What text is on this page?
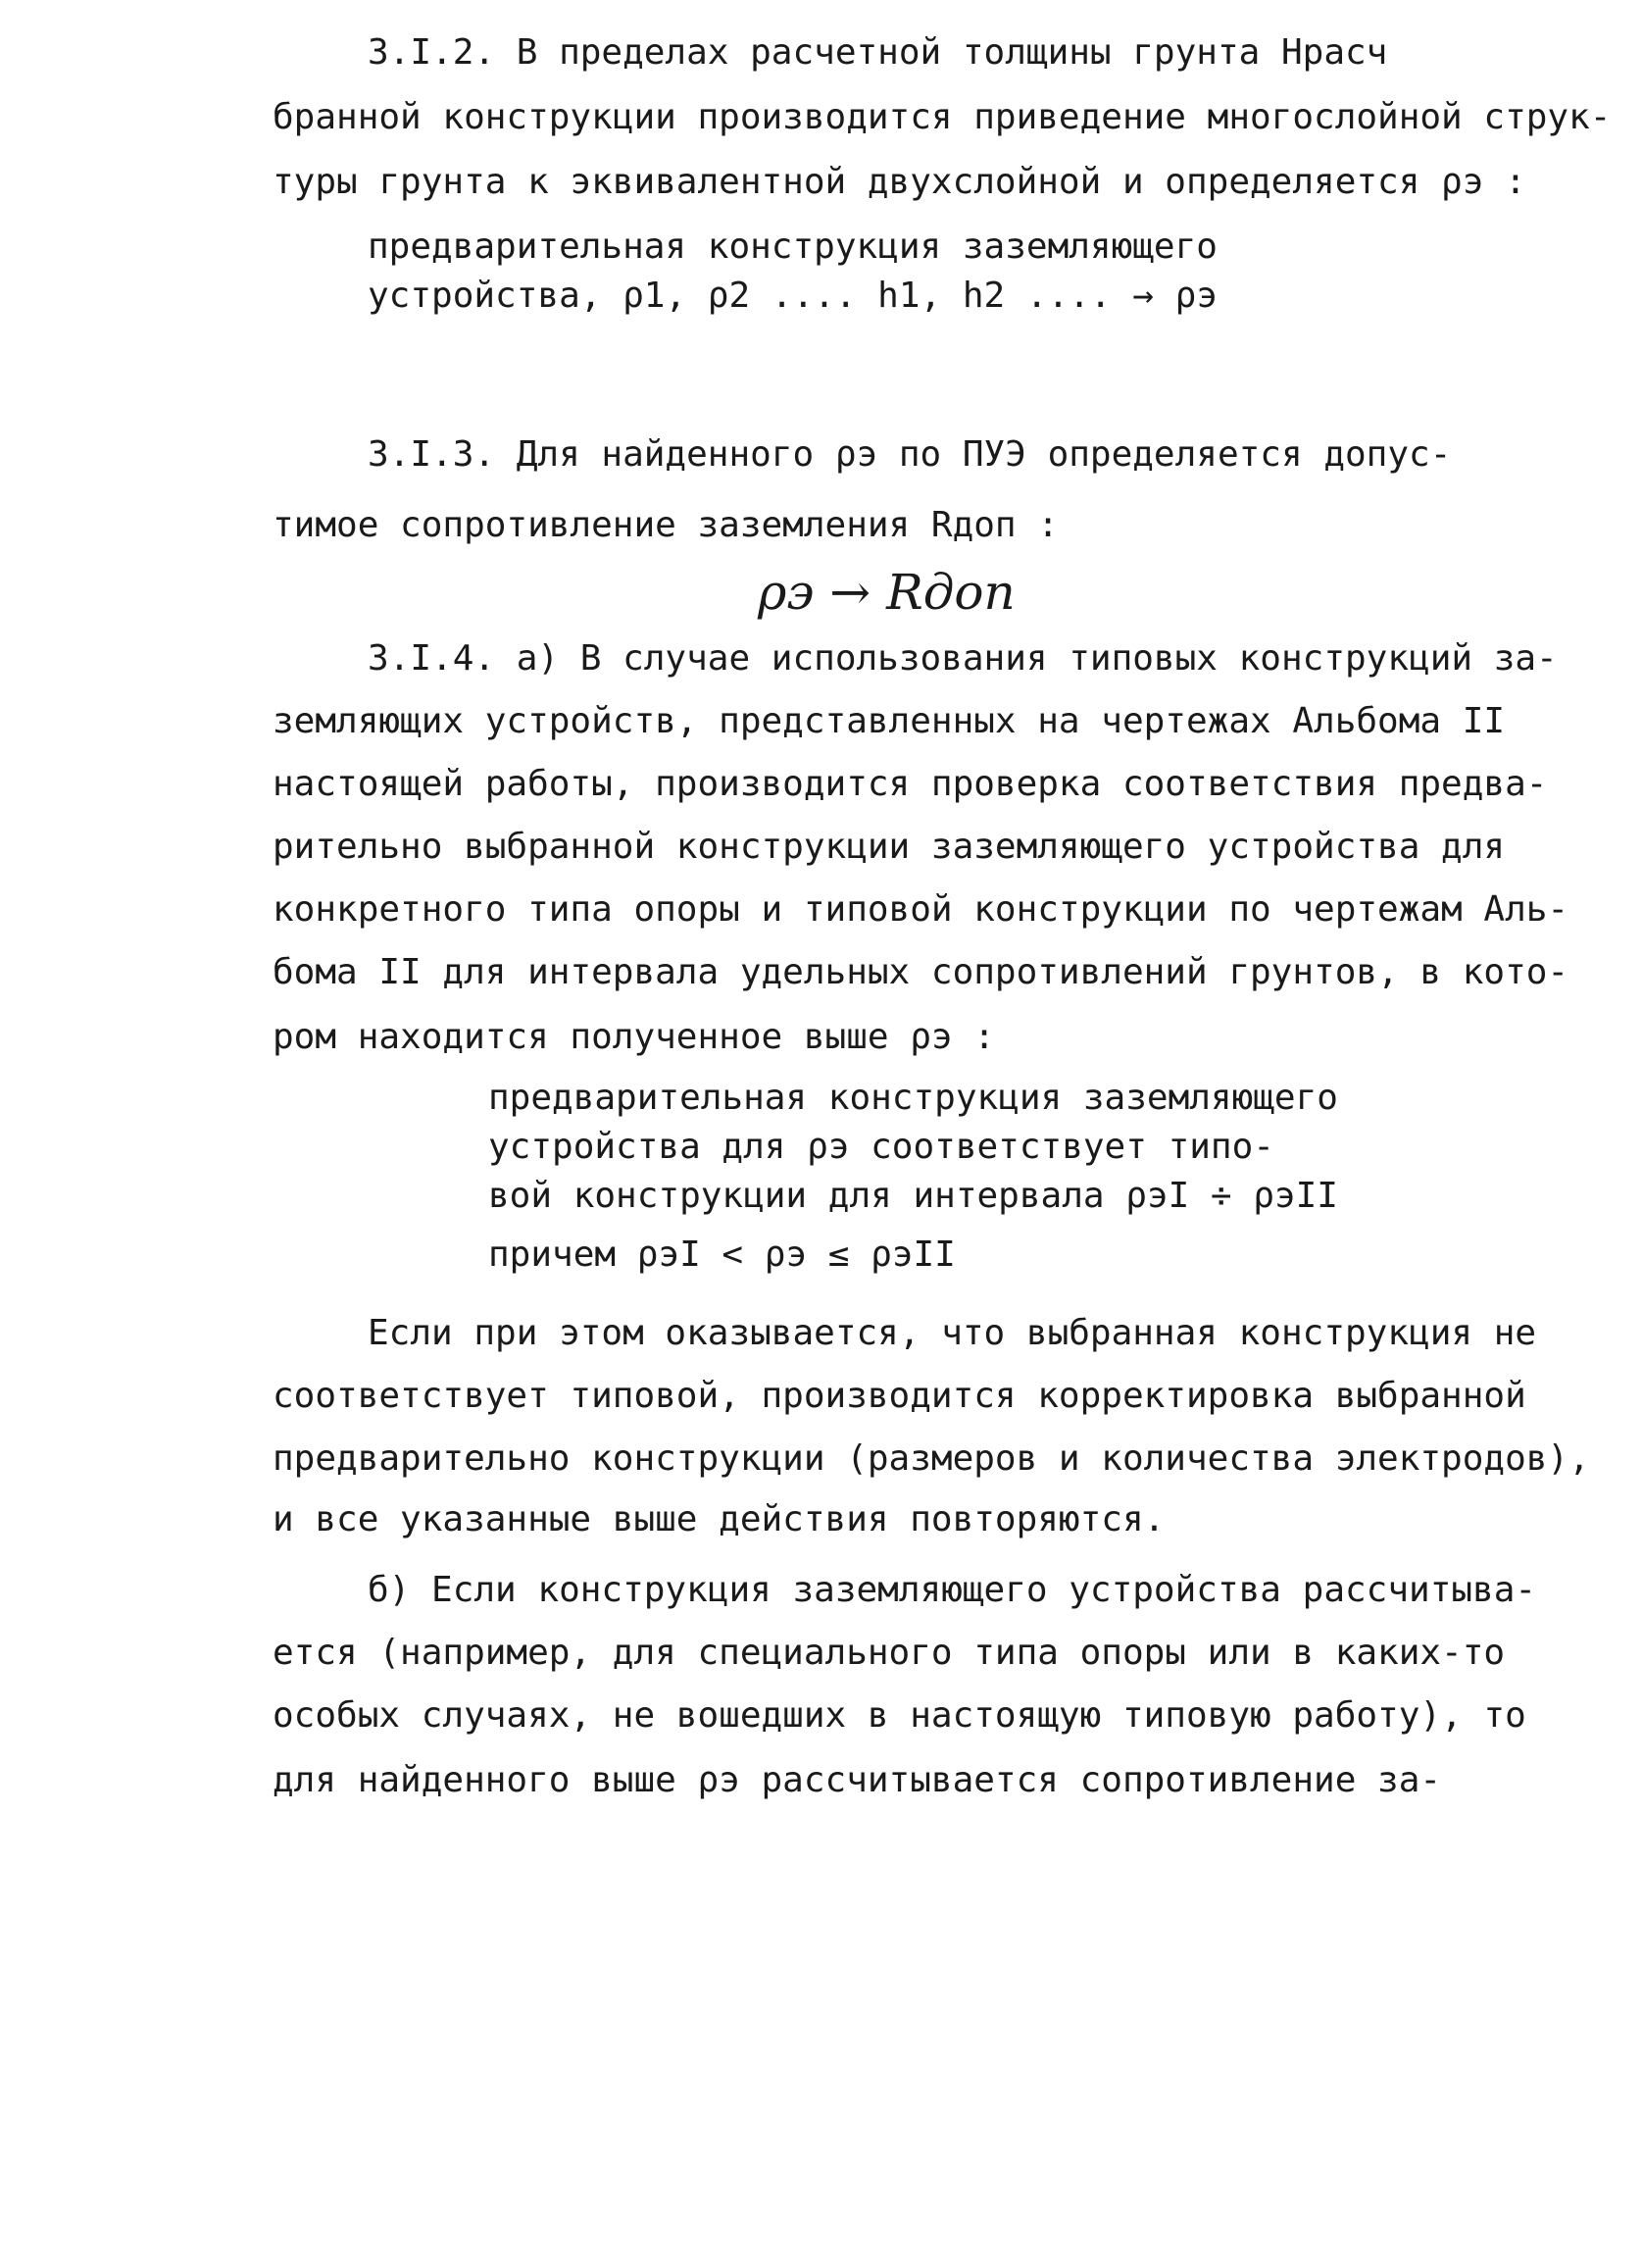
3.I.2. В пределах расчетной толщины грунта Hрасч
бранной конструкции производится приведение многослойной струк-
туры грунта к эквивалентной двухслойной и определяется ρэ :
предварительная конструкция заземляющего
устройства, ρ1, ρ2 .... h1, h2 .... → ρэ
3.I.3. Для найденного ρэ по ПУЭ определяется допус-
тимое сопротивление заземления Rдоп :
ρэ → Rдоп
3.I.4. а) В случае использования типовых конструкций за-
земляющих устройств, представленных на чертежах Альбома II
настоящей работы, производится проверка соответствия предва-
рительно выбранной конструкции заземляющего устройства для
конкретного типа опоры и типовой конструкции по чертежам Аль-
бома II для интервала удельных сопротивлений грунтов, в кото-
ром находится полученное выше ρэ :
предварительная конструкция заземляющего
устройства для ρэ соответствует типо-
вой конструкции для интервала ρэI ÷ ρэII
причем ρэI < ρэ ≤ ρэII
Если при этом оказывается, что выбранная конструкция не
соответствует типовой, производится корректировка выбранной
предварительно конструкции (размеров и количества электродов),
и все указанные выше действия повторяются.
б) Если конструкция заземляющего устройства рассчитыва-
ется (например, для специального типа опоры или в каких-то
особых случаях, не вошедших в настоящую типовую работу), то
для найденного выше ρэ рассчитывается сопротивление за-
